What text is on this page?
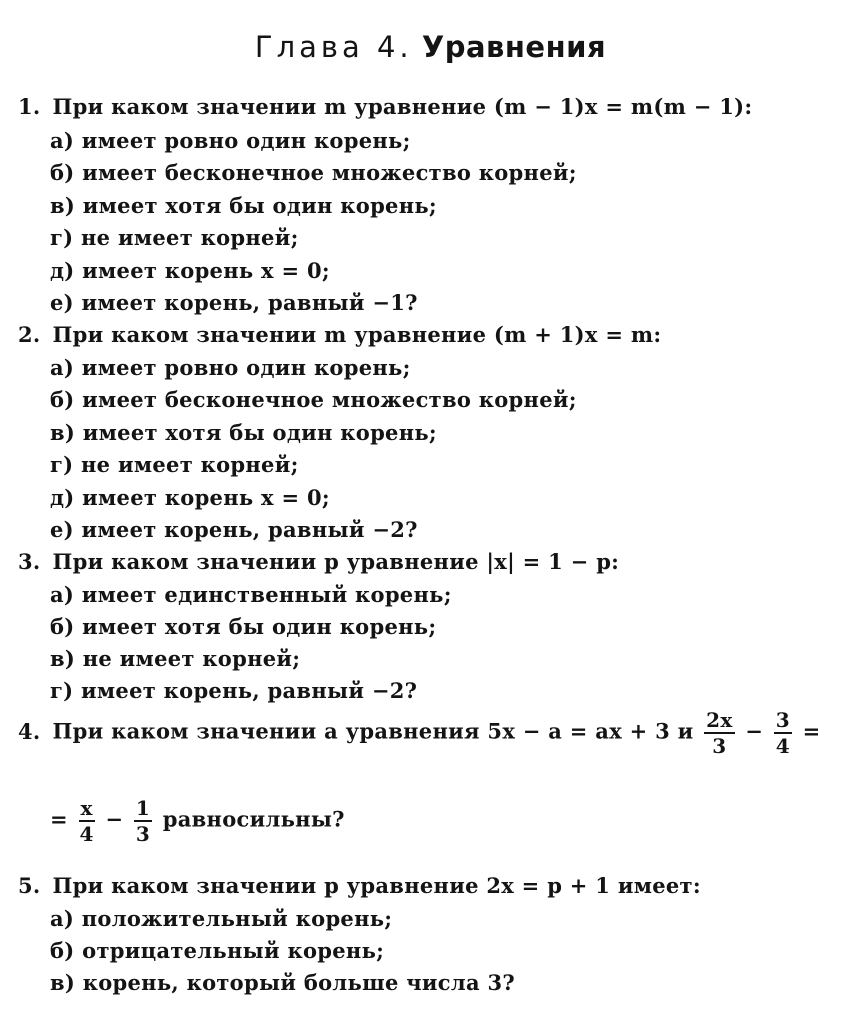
Глава 4. Уравнения
1. При каком значении m уравнение (m − 1)x = m(m − 1):
а) имеет ровно один корень;
б) имеет бесконечное множество корней;
в) имеет хотя бы один корень;
г) не имеет корней;
д) имеет корень x = 0;
е) имеет корень, равный −1?
2. При каком значении m уравнение (m + 1)x = m:
а) имеет ровно один корень;
б) имеет бесконечное множество корней;
в) имеет хотя бы один корень;
г) не имеет корней;
д) имеет корень x = 0;
е) имеет корень, равный −2?
3. При каком значении p уравнение |x| = 1 − p:
а) имеет единственный корень;
б) имеет хотя бы один корень;
в) не имеет корней;
г) имеет корень, равный −2?
4. При каком значении a уравнения 5x − a = ax + 3 и $\frac{2x}{3} - \frac{3}{4}$ =
= $\frac{x}{4} - \frac{1}{3}$ равносильны?
5. При каком значении p уравнение 2x = p + 1 имеет:
а) положительный корень;
б) отрицательный корень;
в) корень, который больше числа 3?
